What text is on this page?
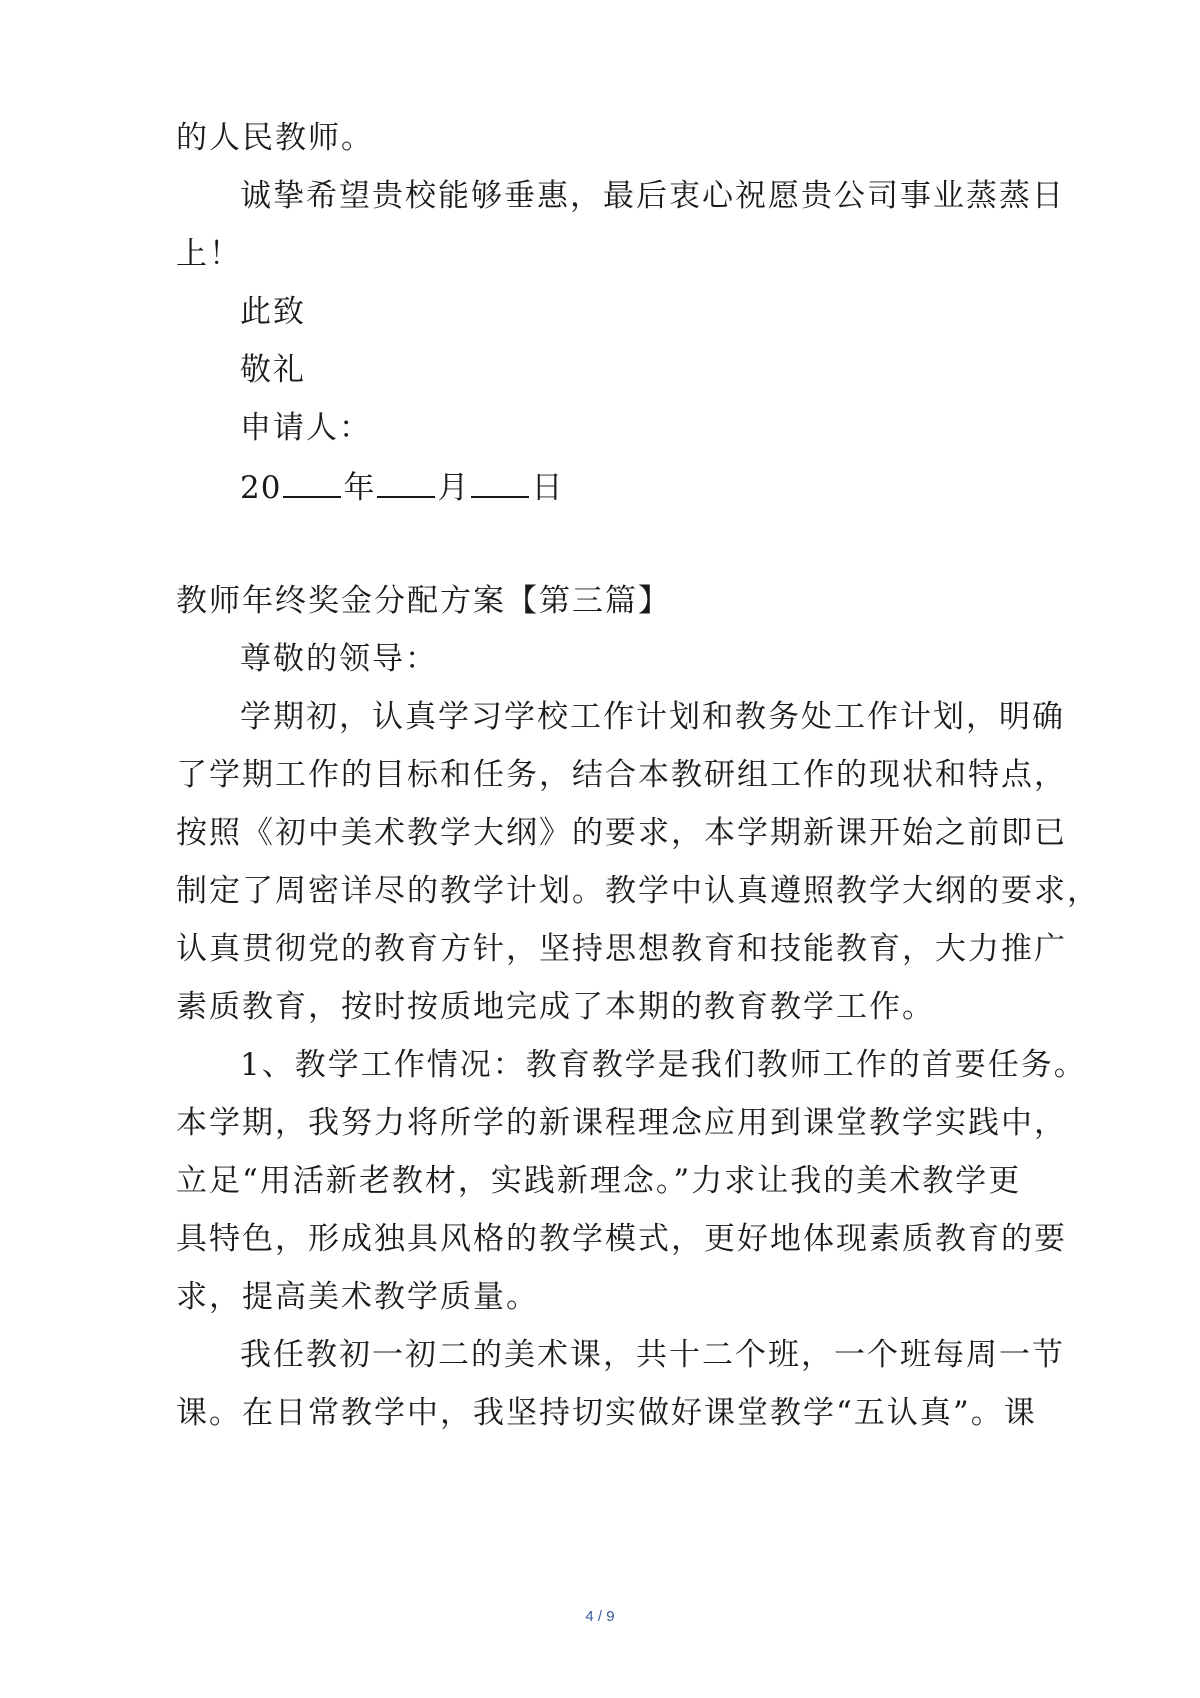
的人民教师。
诚挚希望贵校能够垂惠，最后衷心祝愿贵公司事业蒸蒸日
上！
此致
敬礼
申请人：
20 年 月 日
教师年终奖金分配方案【第三篇】
尊敬的领导：
学期初，认真学习学校工作计划和教务处工作计划，明确
了学期工作的目标和任务，结合本教研组工作的现状和特点，
按照《初中美术教学大纲》的要求，本学期新课开始之前即已
制定了周密详尽的教学计划。教学中认真遵照教学大纲的要求，
认真贯彻党的教育方针，坚持思想教育和技能教育，大力推广
素质教育，按时按质地完成了本期的教育教学工作。
1、教学工作情况：教育教学是我们教师工作的首要任务。
本学期，我努力将所学的新课程理念应用到课堂教学实践中，
立足“用活新老教材，实践新理念。”力求让我的美术教学更
具特色，形成独具风格的教学模式，更好地体现素质教育的要
求，提高美术教学质量。
我任教初一初二的美术课，共十二个班，一个班每周一节
课。在日常教学中，我坚持切实做好课堂教学“五认真”。课
4 / 9
